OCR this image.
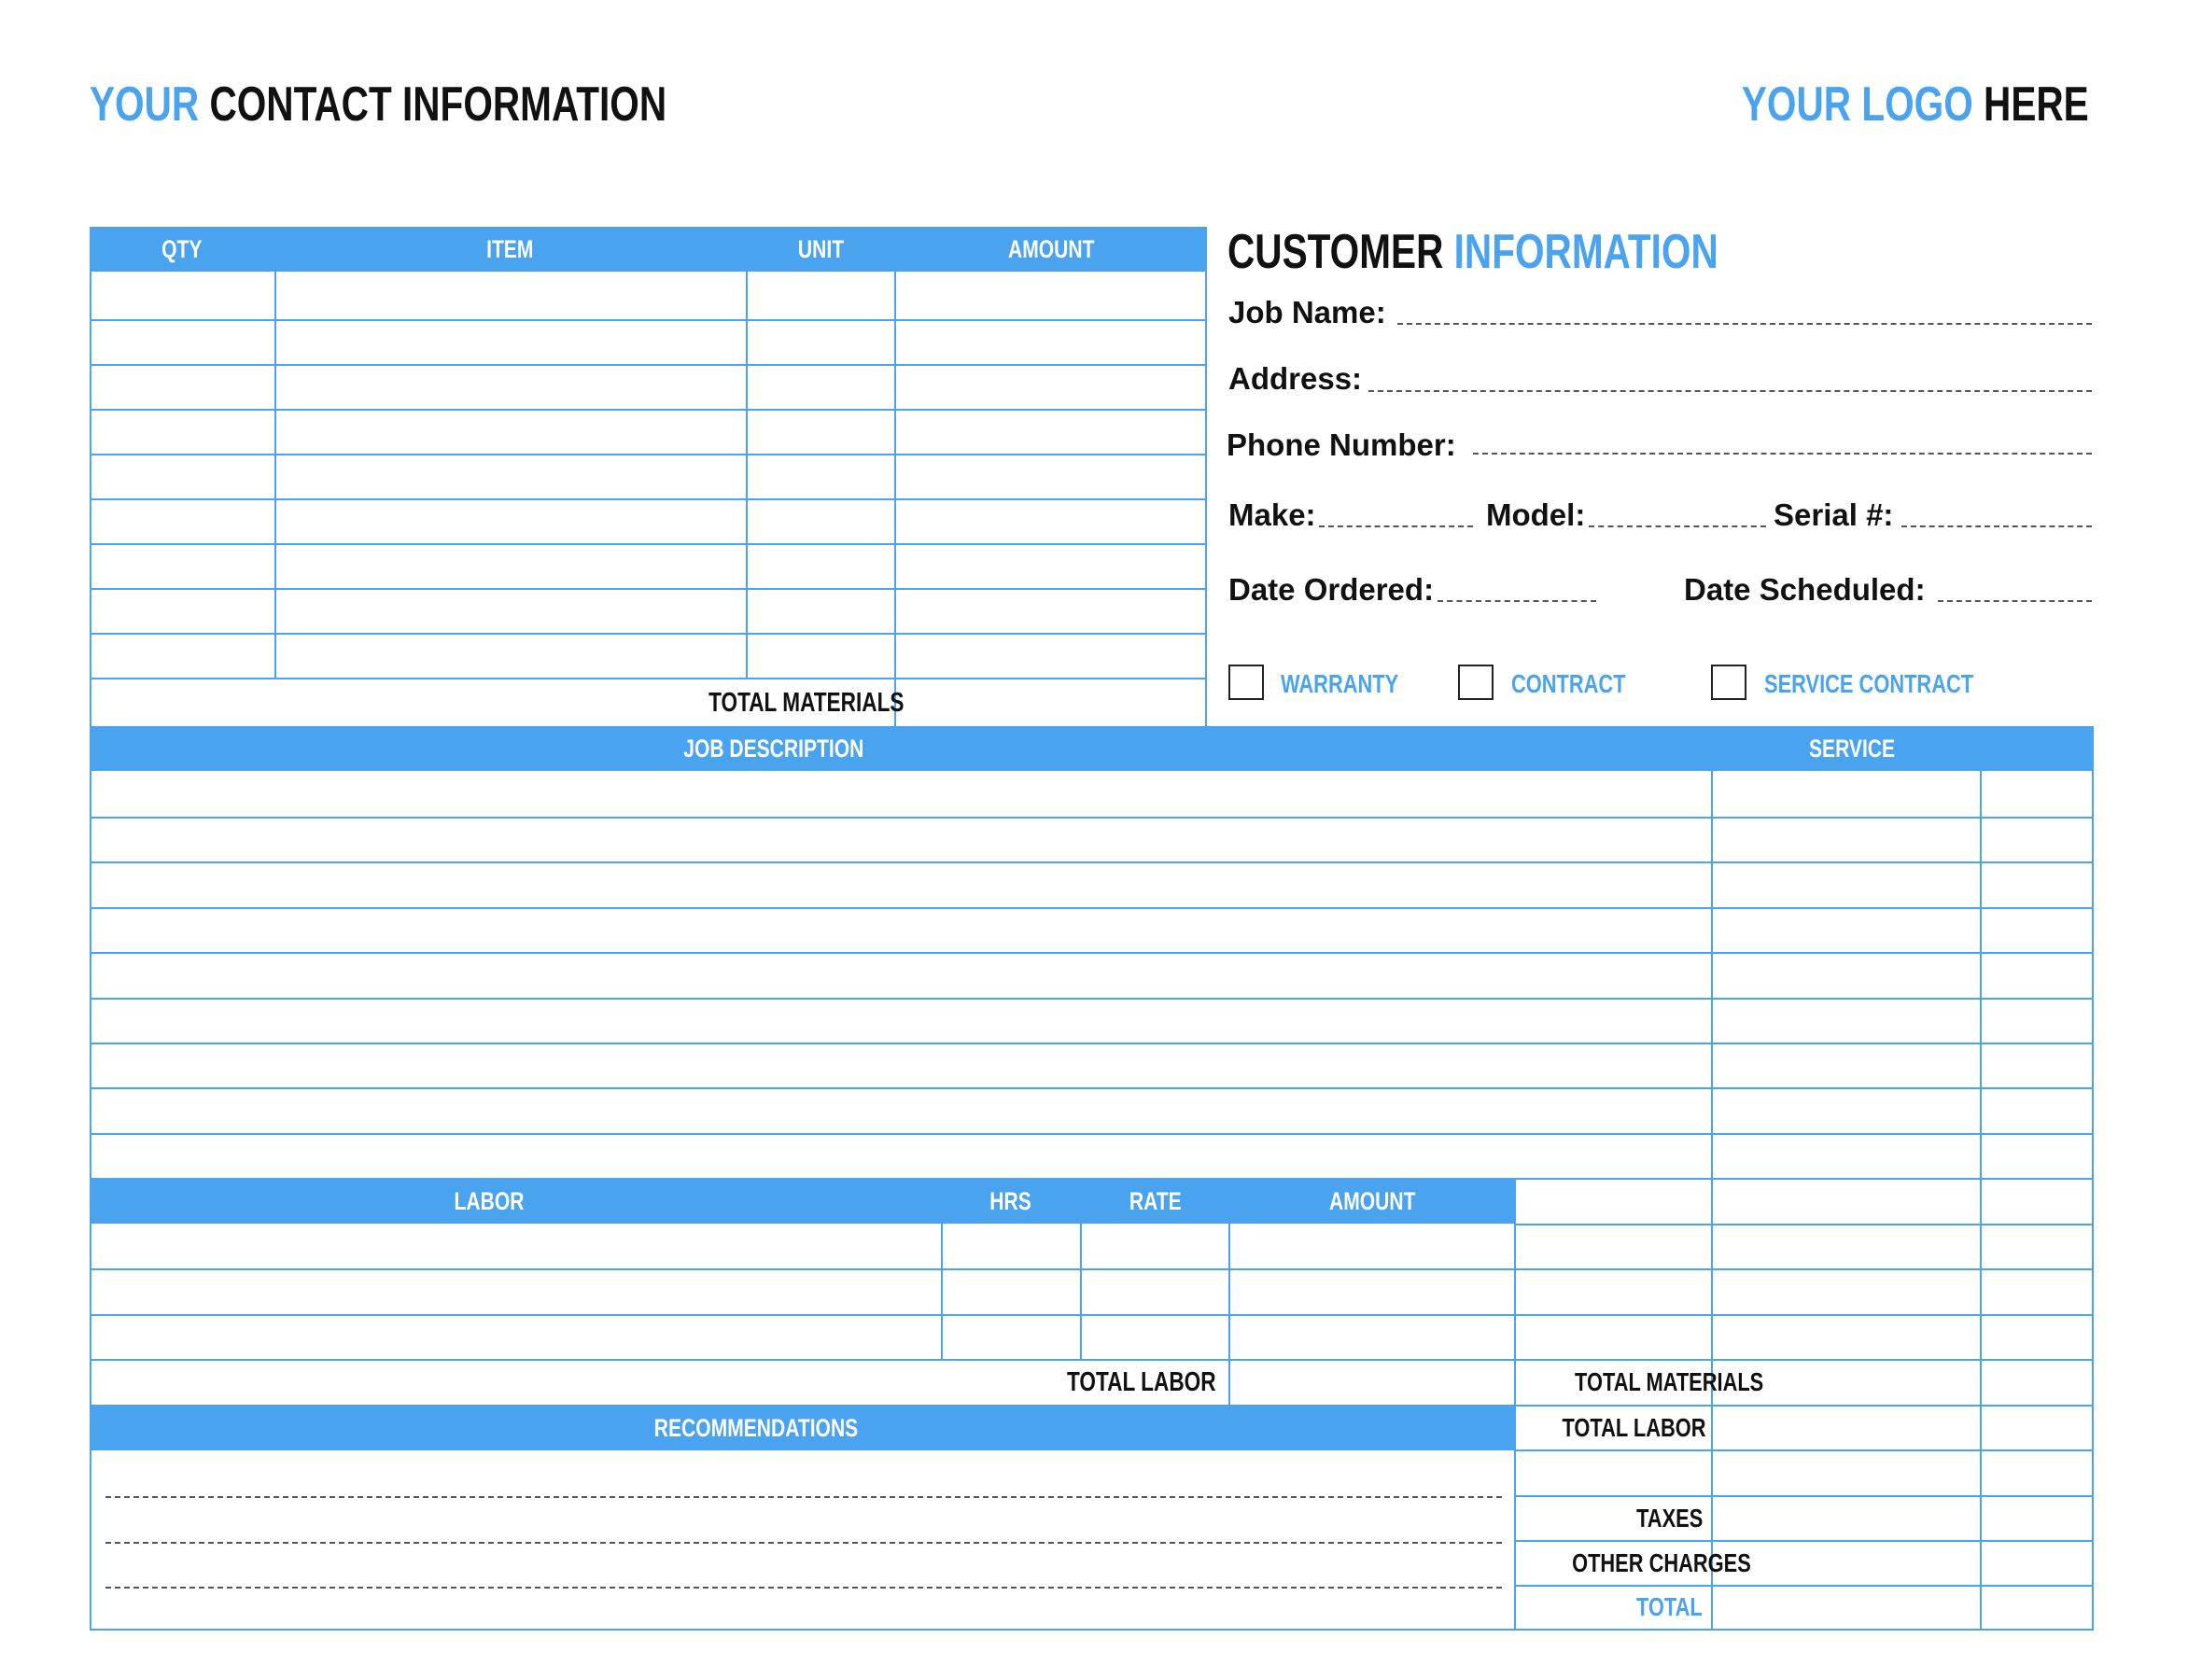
YOUR CONTACT INFORMATION	YOUR LOGO HERE
QTY	ITEM	UNIT	AMOUNT
TOTAL MATERIALS
CUSTOMER INFORMATION
Job Name:
Address:
Phone Number:
Make:	Model:	Serial #:
Date Ordered:	Date Scheduled:
WARRANTY	CONTRACT	SERVICE CONTRACT
JOB DESCRIPTION	SERVICE
LABOR	HRS	RATE	AMOUNT
TOTAL LABOR
RECOMMENDATIONS
TOTAL MATERIALS
TOTAL LABOR
TAXES
OTHER CHARGES
TOTAL
